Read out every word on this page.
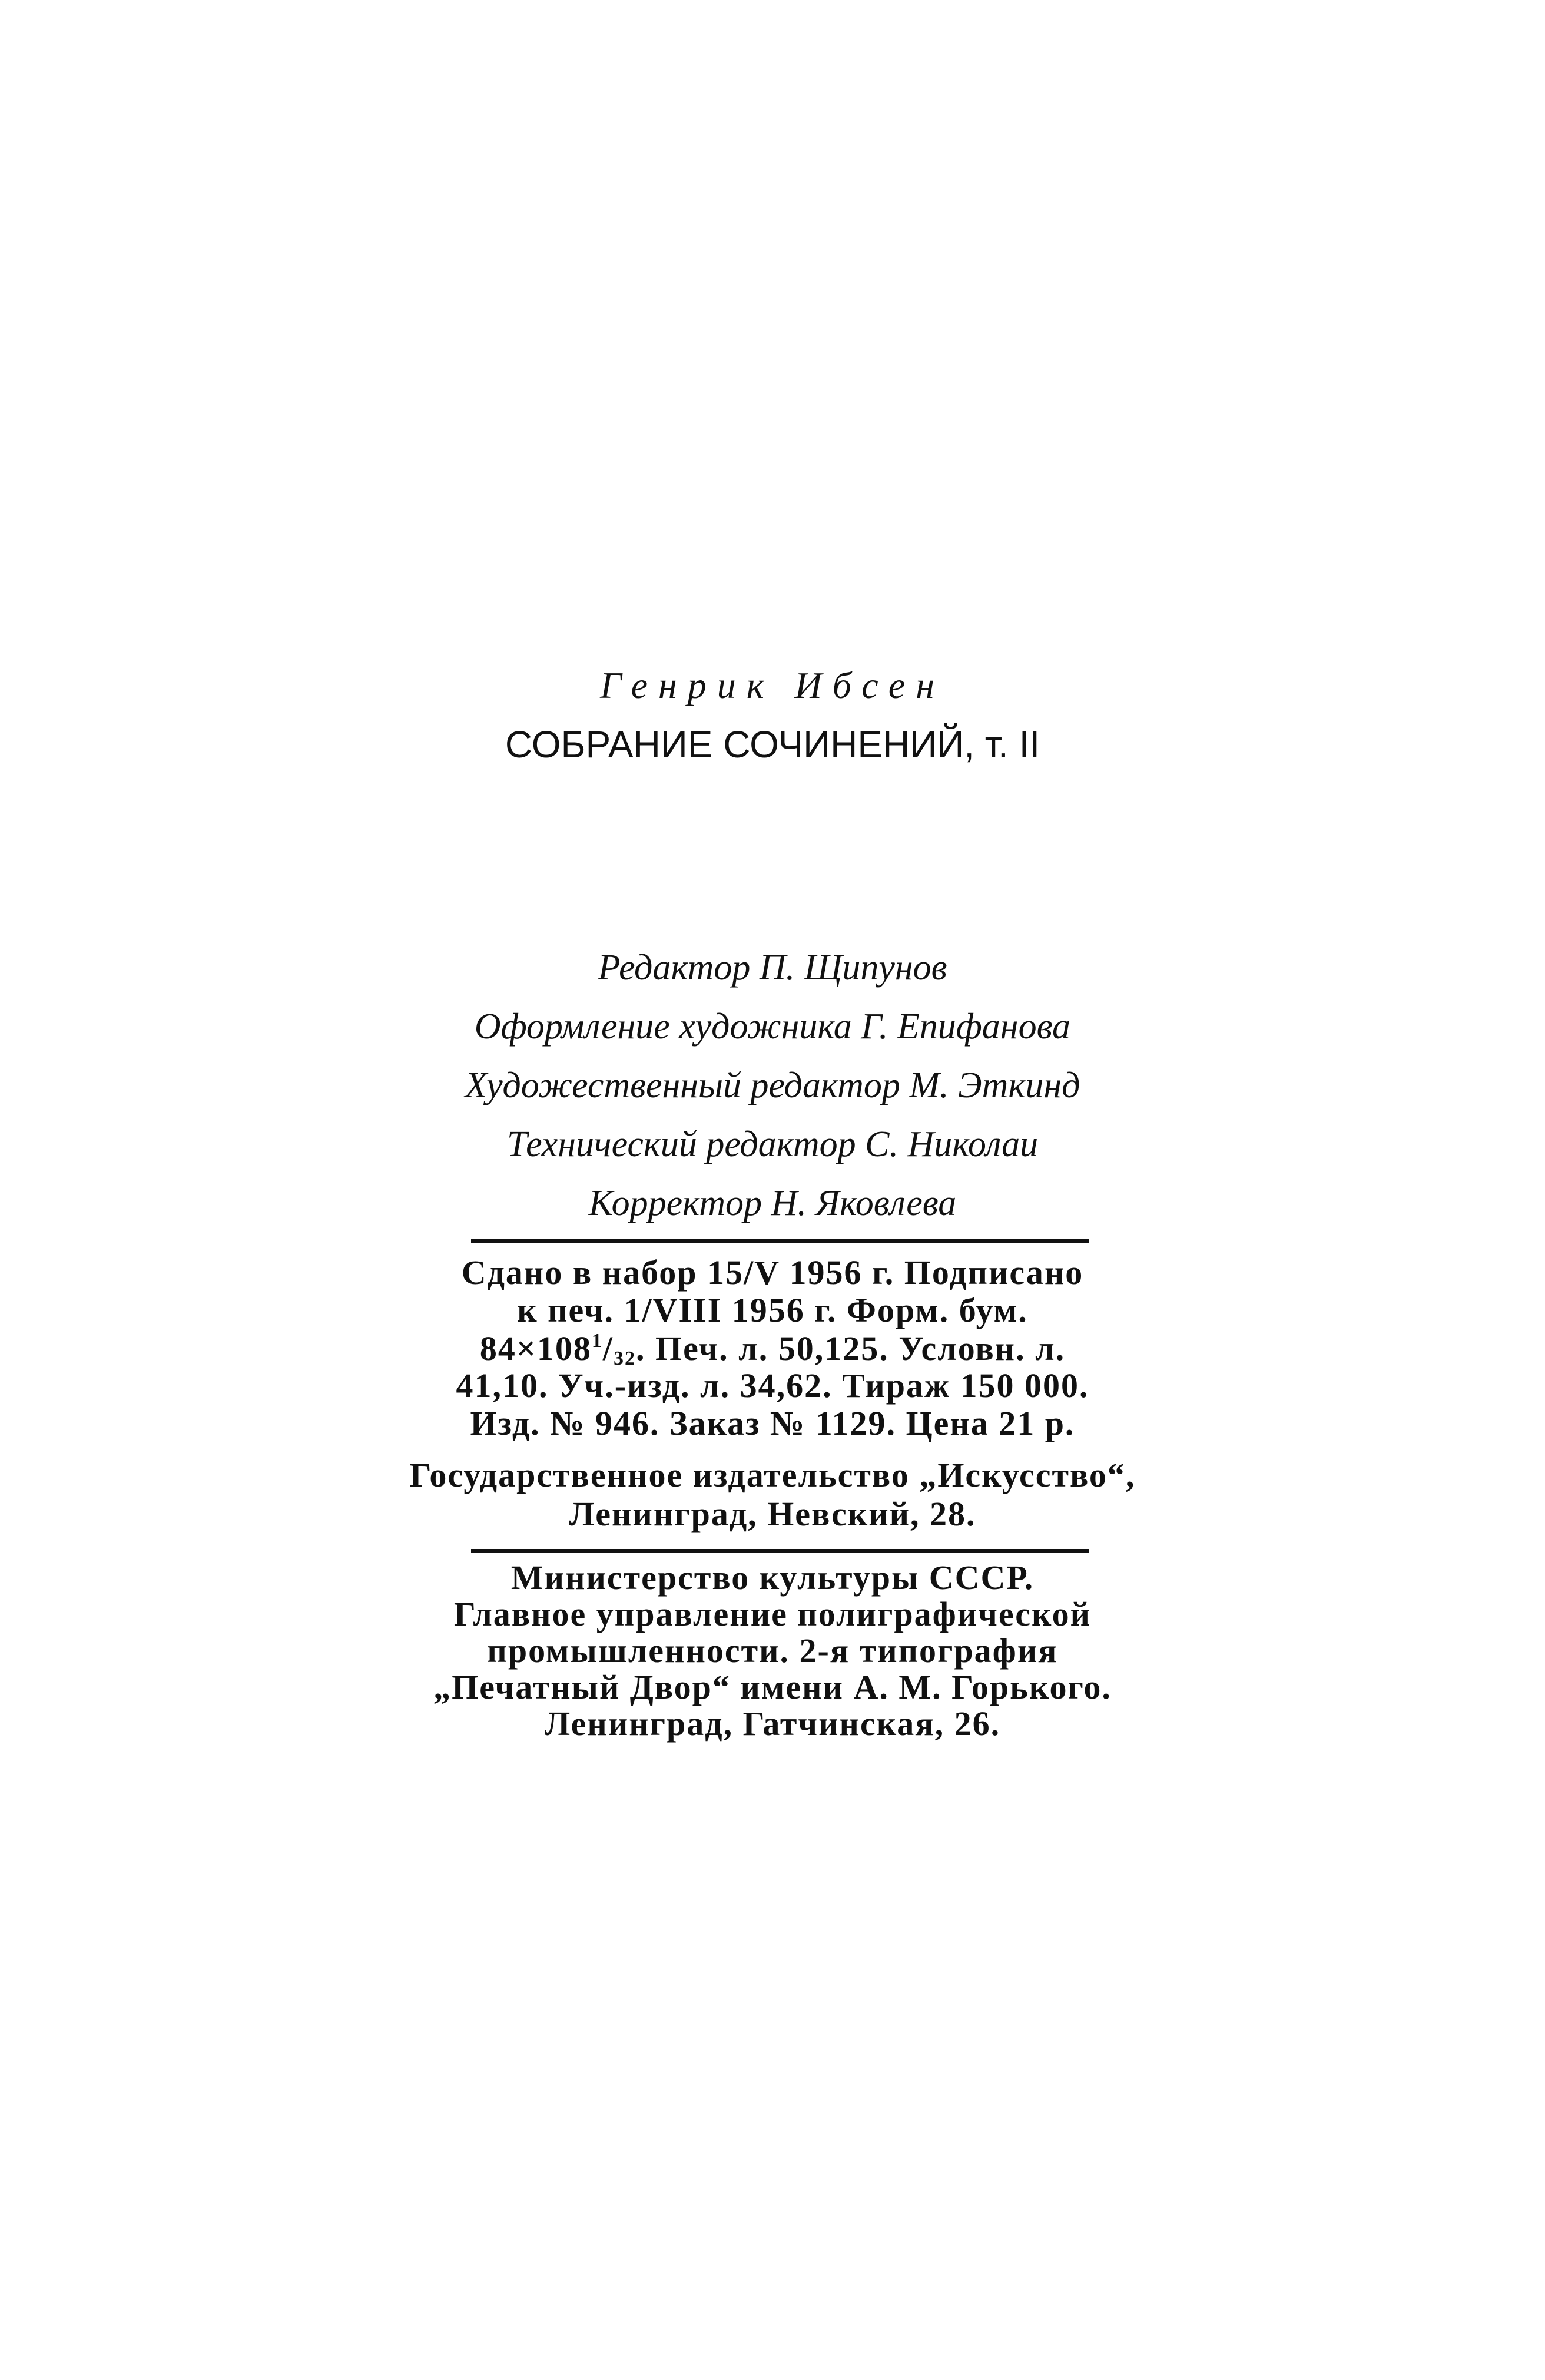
Генрик Ибсен
СОБРАНИЕ СОЧИНЕНИЙ, т. II
Редактор П. Щипунов
Оформление художника Г. Епифанова
Художественный редактор М. Эткинд
Технический редактор С. Николаи
Корректор Н. Яковлева
Сдано в набор 15/V 1956 г. Подписано
к печ. 1/VIII 1956 г. Форм. бум.
$84\times 108^1/_{32}$. Печ. л. 50,125. Условн. л.
41,10. Уч.-изд. л. 34,62. Тираж 150 000.
Изд. № 946. Заказ № 1129. Цена 21 р.
Государственное издательство „Искусство“,
Ленинград, Невский, 28.
Министерство культуры СССР.
Главное управление полиграфической
промышленности. 2-я типография
„Печатный Двор“ имени А. М. Горького.
Ленинград, Гатчинская, 26.
